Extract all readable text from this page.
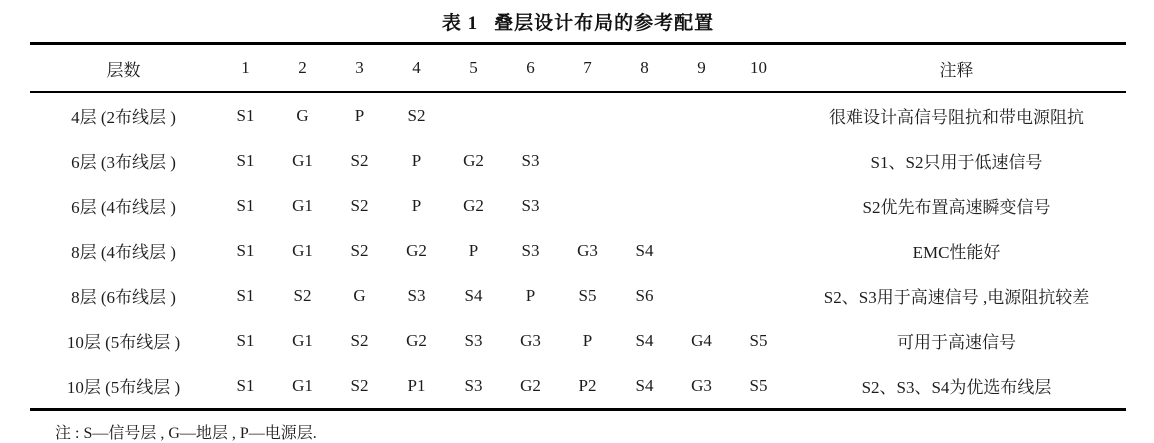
表 1 叠层设计布局的参考配置
层数	1	2	3	4	5	6	7	8	9	10	注释
4层 (2布线层 )	S1	G	P	S2							很难设计高信号阻抗和带电源阻抗
6层 (3布线层 )	S1	G1	S2	P	G2	S3					S1、S2只用于低速信号
6层 (4布线层 )	S1	G1	S2	P	G2	S3					S2优先布置高速瞬变信号
8层 (4布线层 )	S1	G1	S2	G2	P	S3	G3	S4			EMC性能好
8层 (6布线层 )	S1	S2	G	S3	S4	P	S5	S6			S2、S3用于高速信号 ,电源阻抗较差
10层 (5布线层 )	S1	G1	S2	G2	S3	G3	P	S4	G4	S5	可用于高速信号
10层 (5布线层 )	S1	G1	S2	P1	S3	G2	P2	S4	G3	S5	S2、S3、S4为优选布线层
注 : S—信号层 , G—地层 , P—电源层.
